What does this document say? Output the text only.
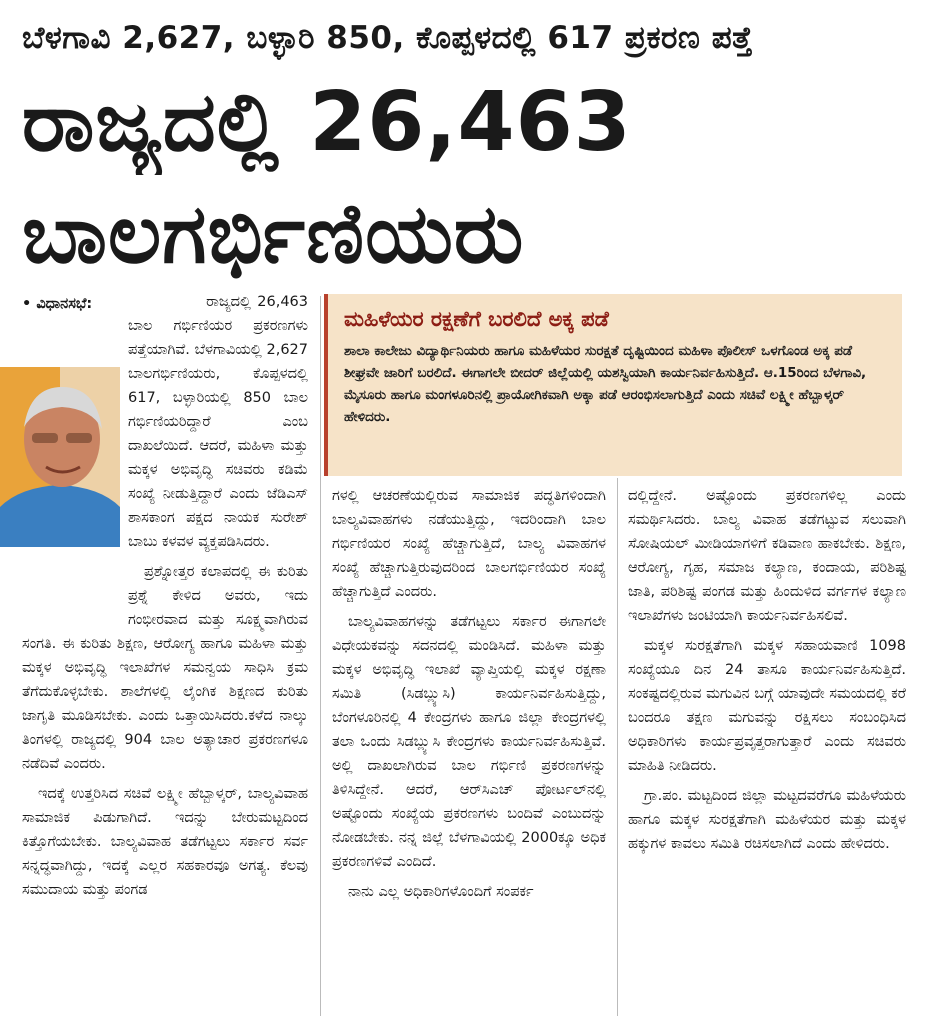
ಬೆಳಗಾವಿ 2,627, ಬಳ್ಳಾರಿ 850, ಕೊಪ್ಪಳದಲ್ಲಿ 617 ಪ್ರಕರಣ ಪತ್ತೆ
ರಾಜ್ಯದಲ್ಲಿ 26,463
ಬಾಲಗರ್ಭಿಣಿಯರು

• ವಿಧಾನಸಭೆ:	ರಾಜ್ಯದಲ್ಲಿ 26,463 ಬಾಲ ಗರ್ಭಿಣಿಯರ ಪ್ರಕರಣಗಳು ಪತ್ತೆಯಾಗಿವೆ. ಬೆಳಗಾವಿಯಲ್ಲಿ 2,627 ಬಾಲಗರ್ಭಿಣಿಯರು, ಕೊಪ್ಪಳದಲ್ಲಿ 617, ಬಳ್ಳಾರಿಯಲ್ಲಿ 850 ಬಾಲ ಗರ್ಭಿಣಿಯರಿದ್ದಾರೆ ಎಂಬ ದಾಖಲೆಯಿದೆ. ಆದರೆ, ಮಹಿಳಾ ಮತ್ತು ಮಕ್ಕಳ ಅಭಿವೃದ್ಧಿ ಸಚಿವರು ಕಡಿಮೆ ಸಂಖ್ಯೆ ನೀಡುತ್ತಿದ್ದಾರೆ ಎಂದು ಜೆಡಿಎಸ್ ಶಾಸಕಾಂಗ ಪಕ್ಷದ ನಾಯಕ ಸುರೇಶ್ ಬಾಬು ಕಳವಳ ವ್ಯಕ್ತಪಡಿಸಿದರು.

ಪ್ರಶ್ನೋತ್ತರ ಕಲಾಪದಲ್ಲಿ ಈ ಕುರಿತು ಪ್ರಶ್ನೆ ಕೇಳಿದ ಅವರು, ಇದು ಗಂಭೀರವಾದ ಮತ್ತು ಸೂಕ್ಷ್ಮವಾಗಿರುವ ಸಂಗತಿ. ಈ ಕುರಿತು ಶಿಕ್ಷಣ, ಆರೋಗ್ಯ ಹಾಗೂ ಮಹಿಳಾ ಮತ್ತು ಮಕ್ಕಳ ಅಭಿವೃದ್ಧಿ ಇಲಾಖೆಗಳ ಸಮನ್ವಯ ಸಾಧಿಸಿ ಕ್ರಮ ತೆಗೆದುಕೊಳ್ಳಬೇಕು. ಶಾಲೆಗಳಲ್ಲಿ ಲೈಂಗಿಕ ಶಿಕ್ಷಣದ ಕುರಿತು ಜಾಗೃತಿ ಮೂಡಿಸಬೇಕು. ಎಂದು ಒತ್ತಾಯಿಸಿದರು.ಕಳೆದ ನಾಲ್ಕು ತಿಂಗಳಲ್ಲಿ ರಾಜ್ಯದಲ್ಲಿ 904 ಬಾಲ ಅತ್ಯಾಚಾರ ಪ್ರಕರಣಗಳೂ ನಡೆದಿವೆ ಎಂದರು.

ಇದಕ್ಕೆ ಉತ್ತರಿಸಿದ ಸಚಿವೆ ಲಕ್ಷ್ಮೀ ಹೆಬ್ಬಾಳ್ಕರ್, ಬಾಲ್ಯವಿವಾಹ ಸಾಮಾಜಿಕ ಪಿಡುಗಾಗಿದೆ. ಇದನ್ನು ಬೇರುಮಟ್ಟದಿಂದ ಕಿತ್ತೊಗೆಯಬೇಕು. ಬಾಲ್ಯವಿವಾಹ ತಡೆಗಟ್ಟಲು ಸರ್ಕಾರ ಸರ್ವ ಸನ್ನದ್ಧವಾಗಿದ್ದು, ಇದಕ್ಕೆ ಎಲ್ಲರ ಸಹಕಾರವೂ ಅಗತ್ಯ. ಕೆಲವು ಸಮುದಾಯ ಮತ್ತು ಪಂಗಡ

ಮಹಿಳೆಯರ ರಕ್ಷಣೆಗೆ ಬರಲಿದೆ ಅಕ್ಕ ಪಡೆ
ಶಾಲಾ ಕಾಲೇಜು ವಿದ್ಯಾರ್ಥಿನಿಯರು ಹಾಗೂ ಮಹಿಳೆಯರ ಸುರಕ್ಷತೆ ದೃಷ್ಟಿಯಿಂದ ಮಹಿಳಾ ಪೊಲೀಸ್ ಒಳಗೊಂಡ ಅಕ್ಕ ಪಡೆ ಶೀಘ್ರವೇ ಜಾರಿಗೆ ಬರಲಿದೆ. ಈಗಾಗಲೇ ಬೀದರ್ ಜಿಲ್ಲೆಯಲ್ಲಿ ಯಶಸ್ವಿಯಾಗಿ ಕಾರ್ಯನಿರ್ವಹಿಸುತ್ತಿದೆ. ಆ.15ರಿಂದ ಬೆಳಗಾವಿ, ಮೈಸೂರು ಹಾಗೂ ಮಂಗಳೂರಿನಲ್ಲಿ ಪ್ರಾಯೋಗಿಕವಾಗಿ ಅಕ್ಕಾ ಪಡೆ ಆರಂಭಿಸಲಾಗುತ್ತಿದೆ ಎಂದು ಸಚಿವೆ ಲಕ್ಷ್ಮೀ ಹೆಬ್ಬಾಳ್ಕರ್ ಹೇಳಿದರು.

ಗಳಲ್ಲಿ ಆಚರಣೆಯಲ್ಲಿರುವ ಸಾಮಾಜಿಕ ಪದ್ಧತಿಗಳಿಂದಾಗಿ ಬಾಲ್ಯವಿವಾಹಗಳು ನಡೆಯುತ್ತಿದ್ದು, ಇದರಿಂದಾಗಿ ಬಾಲ ಗರ್ಭಿಣಿಯರ ಸಂಖ್ಯೆ ಹೆಚ್ಚಾಗುತ್ತಿದೆ, ಬಾಲ್ಯ ವಿವಾಹಗಳ ಸಂಖ್ಯೆ ಹೆಚ್ಚಾಗುತ್ತಿರುವುದರಿಂದ ಬಾಲಗರ್ಭಿಣಿಯರ ಸಂಖ್ಯೆ ಹೆಚ್ಚಾಗುತ್ತಿದೆ ಎಂದರು.

ಬಾಲ್ಯವಿವಾಹಗಳನ್ನು ತಡೆಗಟ್ಟಲು ಸರ್ಕಾರ ಈಗಾಗಲೇ ವಿಧೇಯಕವನ್ನು ಸದನದಲ್ಲಿ ಮಂಡಿಸಿದೆ. ಮಹಿಳಾ ಮತ್ತು ಮಕ್ಕಳ ಅಭಿವೃದ್ಧಿ ಇಲಾಖೆ ವ್ಯಾಪ್ತಿಯಲ್ಲಿ ಮಕ್ಕಳ ರಕ್ಷಣಾ ಸಮಿತಿ (ಸಿಡಬ್ಲ್ಯುಸಿ) ಕಾರ್ಯನಿರ್ವಹಿಸುತ್ತಿದ್ದು, ಬೆಂಗಳೂರಿನಲ್ಲಿ 4 ಕೇಂದ್ರಗಳು ಹಾಗೂ ಜಿಲ್ಲಾ ಕೇಂದ್ರಗಳಲ್ಲಿ ತಲಾ ಒಂದು ಸಿಡಬ್ಲ್ಯುಸಿ ಕೇಂದ್ರಗಳು ಕಾರ್ಯನಿರ್ವಹಿಸುತ್ತಿವೆ. ಅಲ್ಲಿ ದಾಖಲಾಗಿರುವ ಬಾಲ ಗರ್ಭಿಣಿ ಪ್ರಕರಣಗಳನ್ನು ತಿಳಿಸಿದ್ದೇನೆ. ಆದರೆ, ಆರ್‌ಸಿಎಚ್ ಪೋರ್ಟಲ್‌ನಲ್ಲಿ ಅಷ್ಟೊಂದು ಸಂಖ್ಯೆಯ ಪ್ರಕರಣಗಳು ಬಂದಿವೆ ಎಂಬುದನ್ನು ನೋಡಬೇಕು. ನನ್ನ ಜಿಲ್ಲೆ ಬೆಳಗಾವಿಯಲ್ಲಿ 2000ಕ್ಕೂ ಅಧಿಕ ಪ್ರಕರಣಗಳಿವೆ ಎಂದಿದೆ.

ನಾನು ಎಲ್ಲ ಅಧಿಕಾರಿಗಳೊಂದಿಗೆ ಸಂಪರ್ಕ

ದಲ್ಲಿದ್ದೇನೆ. ಅಷ್ಟೊಂದು ಪ್ರಕರಣಗಳಿಲ್ಲ ಎಂದು ಸಮರ್ಥಿಸಿದರು. ಬಾಲ್ಯ ವಿವಾಹ ತಡೆಗಟ್ಟುವ ಸಲುವಾಗಿ ಸೋಷಿಯಲ್ ಮೀಡಿಯಾಗಳಿಗೆ ಕಡಿವಾಣ ಹಾಕಬೇಕು. ಶಿಕ್ಷಣ, ಆರೋಗ್ಯ, ಗೃಹ, ಸಮಾಜ ಕಲ್ಯಾಣ, ಕಂದಾಯ, ಪರಿಶಿಷ್ಟ ಜಾತಿ, ಪರಿಶಿಷ್ಟ ಪಂಗಡ ಮತ್ತು ಹಿಂದುಳಿದ ವರ್ಗಗಳ ಕಲ್ಯಾಣ ಇಲಾಖೆಗಳು ಜಂಟಿಯಾಗಿ ಕಾರ್ಯನಿರ್ವಹಿಸಲಿವೆ.

ಮಕ್ಕಳ ಸುರಕ್ಷತೆಗಾಗಿ ಮಕ್ಕಳ ಸಹಾಯವಾಣಿ 1098 ಸಂಖ್ಯೆಯೂ ದಿನ 24 ತಾಸೂ ಕಾರ್ಯನಿರ್ವಹಿಸುತ್ತಿದೆ. ಸಂಕಷ್ಟದಲ್ಲಿರುವ ಮಗುವಿನ ಬಗ್ಗೆ ಯಾವುದೇ ಸಮಯದಲ್ಲಿ ಕರೆ ಬಂದರೂ ತಕ್ಷಣ ಮಗುವನ್ನು ರಕ್ಷಿಸಲು ಸಂಬಂಧಿಸಿದ ಅಧಿಕಾರಿಗಳು ಕಾರ್ಯಪ್ರವೃತ್ತರಾಗುತ್ತಾರೆ ಎಂದು ಸಚಿವರು ಮಾಹಿತಿ ನೀಡಿದರು.

ಗ್ರಾ.ಪಂ. ಮಟ್ಟದಿಂದ ಜಿಲ್ಲಾ ಮಟ್ಟದವರೆಗೂ ಮಹಿಳೆಯರು ಹಾಗೂ ಮಕ್ಕಳ ಸುರಕ್ಷತೆಗಾಗಿ ಮಹಿಳೆಯರ ಮತ್ತು ಮಕ್ಕಳ ಹಕ್ಕುಗಳ ಕಾವಲು ಸಮಿತಿ ರಚಿಸಲಾಗಿದೆ ಎಂದು ಹೇಳಿದರು.
